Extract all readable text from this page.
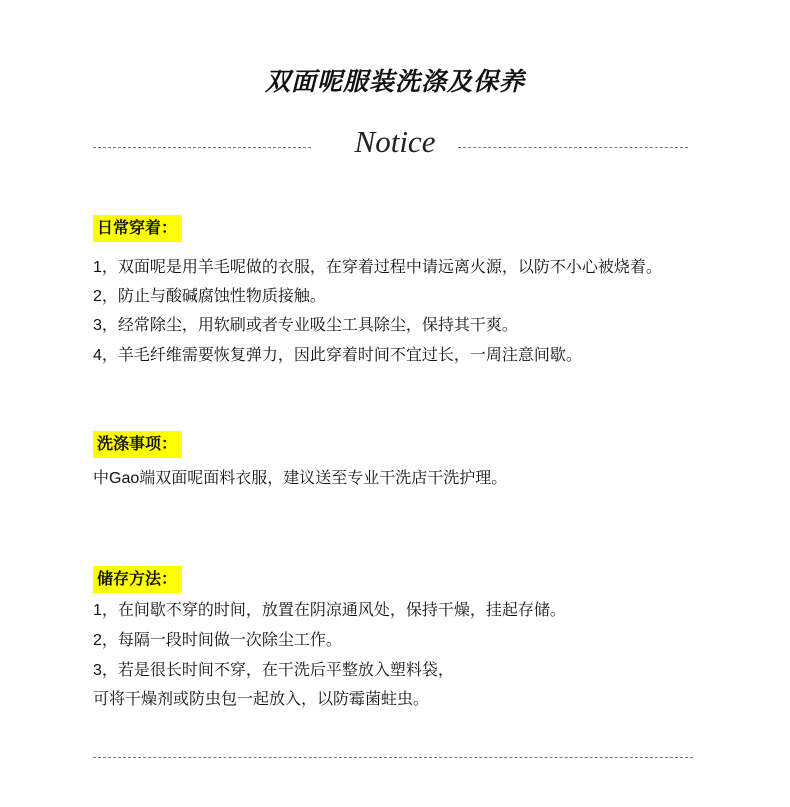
双面呢服装洗涤及保养
Notice
日常穿着：
1，双面呢是用羊毛呢做的衣服，在穿着过程中请远离火源，以防不小心被烧着。
2，防止与酸碱腐蚀性物质接触。
3，经常除尘，用软刷或者专业吸尘工具除尘，保持其干爽。
4，羊毛纤维需要恢复弹力，因此穿着时间不宜过长，一周注意间歇。
洗涤事项：
中Gao端双面呢面料衣服，建议送至专业干洗店干洗护理。
储存方法：
1，在间歇不穿的时间，放置在阴凉通风处，保持干燥，挂起存储。
2，每隔一段时间做一次除尘工作。
3，若是很长时间不穿，在干洗后平整放入塑料袋，
可将干燥剂或防虫包一起放入，以防霉菌蛀虫。
